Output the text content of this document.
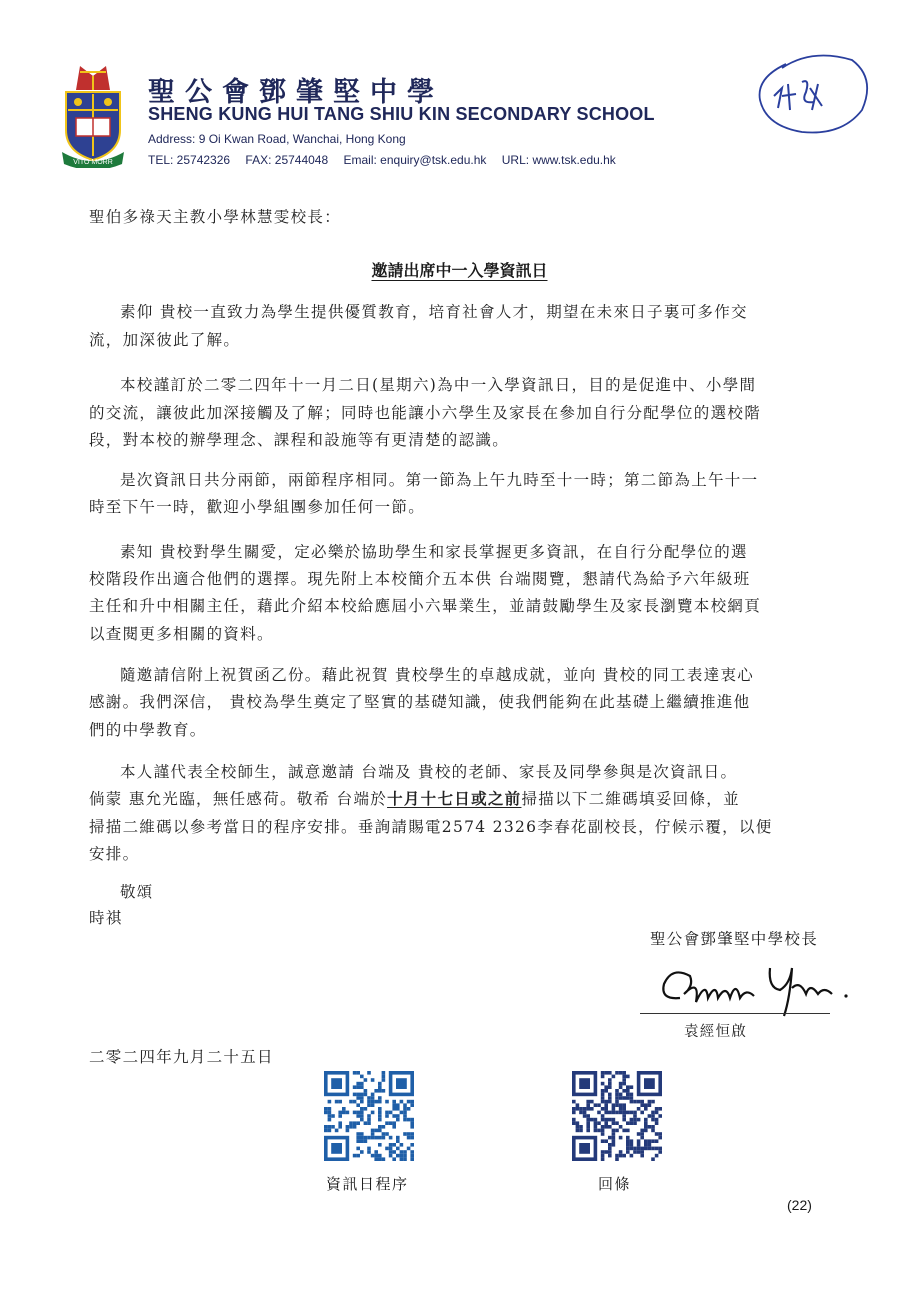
VITO MORR
聖公會鄧肇堅中學
SHENG KUNG HUI TANG SHIU KIN SECONDARY SCHOOL
Address: 9 Oi Kwan Road, Wanchai, Hong Kong
TEL: 25742326 FAX: 25744048 Email: enquiry@tsk.edu.hk URL: www.tsk.edu.hk
聖伯多祿天主教小學林慧雯校長：
邀請出席中一入學資訊日
素仰 貴校一直致力為學生提供優質教育，培育社會人才，期望在未來日子裏可多作交
流，加深彼此了解。
本校謹訂於二零二四年十一月二日(星期六)為中一入學資訊日，目的是促進中、小學間
的交流，讓彼此加深接觸及了解；同時也能讓小六學生及家長在參加自行分配學位的選校階
段，對本校的辦學理念、課程和設施等有更清楚的認識。
是次資訊日共分兩節，兩節程序相同。第一節為上午九時至十一時；第二節為上午十一
時至下午一時，歡迎小學組團參加任何一節。
素知 貴校對學生關愛，定必樂於協助學生和家長掌握更多資訊，在自行分配學位的選
校階段作出適合他們的選擇。現先附上本校簡介五本供 台端閱覽，懇請代為給予六年級班
主任和升中相關主任，藉此介紹本校給應屆小六畢業生，並請鼓勵學生及家長瀏覽本校網頁
以查閱更多相關的資料。
隨邀請信附上祝賀函乙份。藉此祝賀 貴校學生的卓越成就，並向 貴校的同工表達衷心
感謝。我們深信， 貴校為學生奠定了堅實的基礎知識，使我們能夠在此基礎上繼續推進他
們的中學教育。
本人謹代表全校師生，誠意邀請 台端及 貴校的老師、家長及同學參與是次資訊日。
倘蒙 惠允光臨，無任感荷。敬希 台端於十月十七日或之前掃描以下二維碼填妥回條，並
掃描二維碼以參考當日的程序安排。垂詢請賜電2574 2326李春花副校長，佇候示覆，以便
安排。
敬頌
時祺
聖公會鄧肇堅中學校長
袁經恒啟
二零二四年九月二十五日
資訊日程序	回條
(22)
